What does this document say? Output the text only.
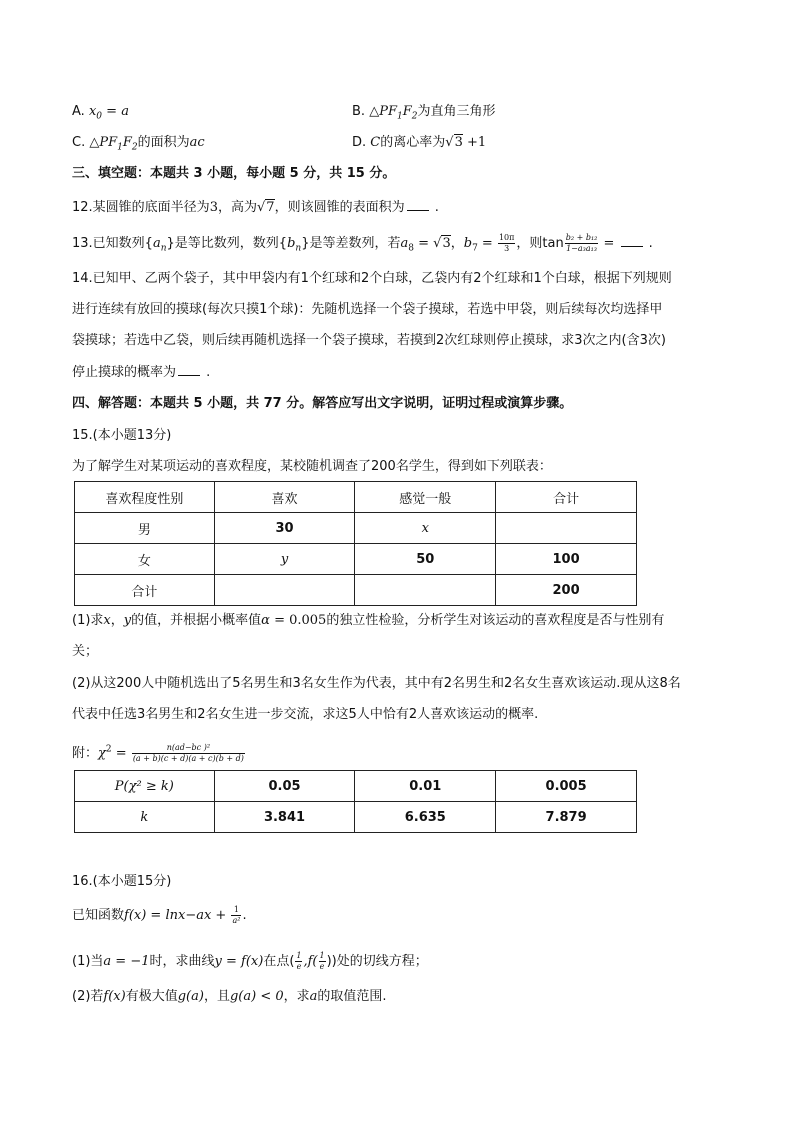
A. $x_0 = a$	B. $\triangle PF_1F_2$为直角三角形
C. $\triangle PF_1F_2$的面积为ac	D. C的离心率为√3 +1
三、填空题：本题共 3 小题，每小题 5 分，共 15 分。
12.某圆锥的底面半径为3，高为√7，则该圆锥的表面积为 .
13.已知数列$\{a_n\}$是等比数列，数列$\{b_n\}$是等差数列，若$a_8 = √3$，$b_7 = \frac{10\pi}{3}$ ，则$\tan \frac{\text{b₂ + b₁₂}}{\text{1−a₃a₁₃}}$ =  .
14.已知甲、乙两个袋子，其中甲袋内有1个红球和2个白球，乙袋内有2个红球和1个白球，根据下列规则
进行连续有放回的摸球(每次只摸1个球)：先随机选择一个袋子摸球，若选中甲袋，则后续每次均选择甲
袋摸球；若选中乙袋，则后续再随机选择一个袋子摸球，若摸到2次红球则停止摸球，求3次之内(含3次)
停止摸球的概率为 .
四、解答题：本题共 5 小题，共 77 分。解答应写出文字说明，证明过程或演算步骤。
15.(本小题13分)
为了解学生对某项运动的喜欢程度，某校随机调查了200名学生，得到如下列联表：
喜欢程度性别	喜欢	感觉一般	合计
男	30	x	
女	y	50	100
合计			200
(1)求x，y的值，并根据小概率值α = 0.005的独立性检验，分析学生对该运动的喜欢程度是否与性别有
关；
(2)从这200人中随机选出了5名男生和3名女生作为代表，其中有2名男生和2名女生喜欢该运动.现从这8名
代表中任选3名男生和2名女生进一步交流，求这5人中恰有2人喜欢该运动的概率.
附：$\chi^2 = \frac{\text{n(ad−bc )²}}{(a + b)(c + d)(a + c)(b + d)}$
P(χ² ≥ k)	0.05	0.01	0.005
k	3.841	6.635	7.879
16.(本小题15分)
已知函数$f(x) = \ln x-ax + \frac{1}{\text{a²}}$ .
(1)当a = −1时，求曲线y = f(x)在点( $\frac{1}{e} ,f( \frac{1}{e}$ ))处的切线方程；
(2)若f(x)有极大值g(a)，且g(a) < 0，求a的取值范围.
